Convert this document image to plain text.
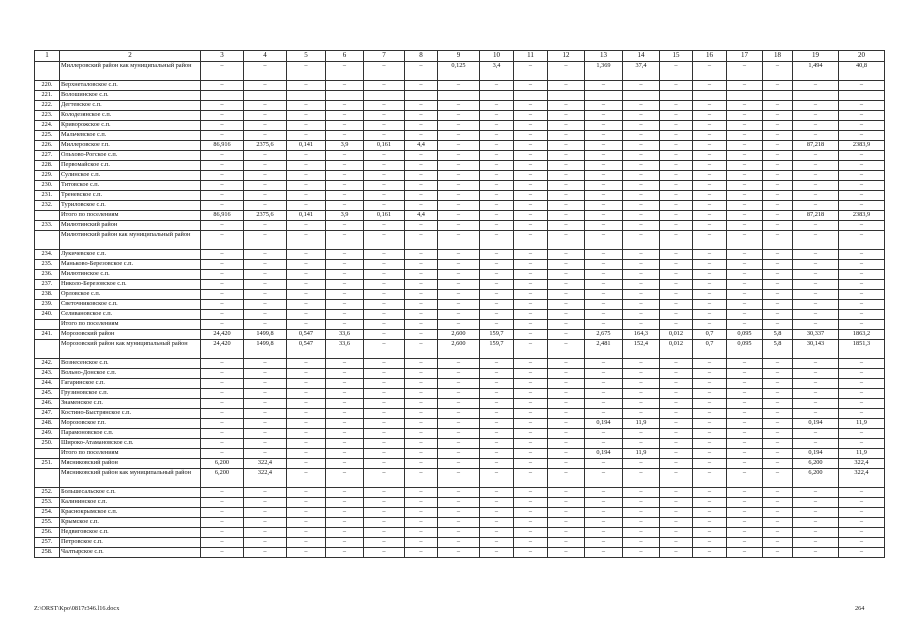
1	2	3	4	5	6	7	8	9	10	11	12	13	14	15	16	17	18	19	20
	Миллеровский район как муниципальный район	–	–	–	–	–	–	0,125	3,4	–	–	1,369	37,4	–	–	–	–	1,494	40,8
220.	Верхнеталовское с.п.	–	–	–	–	–	–	–	–	–	–	–	–	–	–	–	–	–	–
221.	Волошинское с.п.																		
222.	Дегтевское с.п.	–	–	–	–	–	–	–	–	–	–	–	–	–	–	–	–	–	–
223.	Колодезянское с.п.	–	–	–	–	–	–	–	–	–	–	–	–	–	–	–	–	–	–
224.	Криворожское с.п.	–	–	–	–	–	–	–	–	–	–	–	–	–	–	–	–	–	–
225.	Мальчевское с.п.	–	–	–	–	–	–	–	–	–	–	–	–	–	–	–	–	–	–
226.	Миллеровское г.п.	86,916	2375,6	0,141	3,9	0,161	4,4	–	–	–	–	–	–	–	–	–	–	87,218	2383,9
227.	Ольхово-Рогское с.п.	–	–	–	–	–	–	–	–	–	–	–	–	–	–	–	–	–	–
228.	Первомайское с.п.	–	–	–	–	–	–	–	–	–	–	–	–	–	–	–	–	–	–
229.	Сулинское с.п.	–	–	–	–	–	–	–	–	–	–	–	–	–	–	–	–	–	–
230.	Титовское с.п.	–	–	–	–	–	–	–	–	–	–	–	–	–	–	–	–	–	–
231.	Треневское с.п.	–	–	–	–	–	–	–	–	–	–	–	–	–	–	–	–	–	–
232.	Туриловское с.п.	–	–	–	–	–	–	–	–	–	–	–	–	–	–	–	–	–	–
	Итого по поселениям	86,916	2375,6	0,141	3,9	0,161	4,4	–	–	–	–	–	–	–	–	–	–	87,218	2383,9
233.	Милютинский район	–	–	–	–	–	–	–	–	–	–	–	–	–	–	–	–	–	–
	Милютинский район как муниципальный район	–	–	–	–	–	–	–	–	–	–	–	–	–	–	–	–	–	–
234.	Лукичевское с.п.	–	–	–	–	–	–	–	–	–	–	–	–	–	–	–	–	–	–
235.	Маньково-Березовское с.п.	–	–	–	–	–	–	–	–	–	–	–	–	–	–	–	–	–	–
236.	Милютинское с.п.	–	–	–	–	–	–	–	–	–	–	–	–	–	–	–	–	–	–
237.	Николо-Березовское с.п.	–	–	–	–	–	–	–	–	–	–	–	–	–	–	–	–	–	–
238.	Орловское с.п.	–	–	–	–	–	–	–	–	–	–	–	–	–	–	–	–	–	–
239.	Светочниковское с.п.	–	–	–	–	–	–	–	–	–	–	–	–	–	–	–	–	–	–
240.	Селивановское с.п.	–	–	–	–	–	–	–	–	–	–	–	–	–	–	–	–	–	–
	Итого по поселениям	–	–	–	–	–	–	–	–	–	–	–	–	–	–	–	–	–	–
241.	Морозовский район	24,420	1499,8	0,547	33,6	–	–	2,600	159,7	–	–	2,675	164,3	0,012	0,7	0,095	5,8	30,337	1863,2
	Морозовский район как муниципальный район	24,420	1499,8	0,547	33,6	–	–	2,600	159,7	–	–	2,481	152,4	0,012	0,7	0,095	5,8	30,143	1851,3
242.	Вознесенское с.п.	–	–	–	–	–	–	–	–	–	–	–	–	–	–	–	–	–	–
243.	Вольно-Донское с.п.	–	–	–	–	–	–	–	–	–	–	–	–	–	–	–	–	–	–
244.	Гагаринское с.п.	–	–	–	–	–	–	–	–	–	–	–	–	–	–	–	–	–	–
245.	Грузиновское с.п.	–	–	–	–	–	–	–	–	–	–	–	–	–	–	–	–	–	–
246.	Знаменское с.п.	–	–	–	–	–	–	–	–	–	–	–	–	–	–	–	–	–	–
247.	Костино-Быстрянское с.п.	–	–	–	–	–	–	–	–	–	–	–	–	–	–	–	–	–	–
248.	Морозовское г.п.	–	–	–	–	–	–	–	–	–	–	0,194	11,9	–	–	–	–	0,194	11,9
249.	Парамоновское с.п.	–	–	–	–	–	–	–	–	–	–	–	–	–	–	–	–	–	–
250.	Широко-Атамановское с.п.	–	–	–	–	–	–	–	–	–	–	–	–	–	–	–	–	–	–
	Итого по поселениям	–	–	–	–	–	–	–	–	–	–	0,194	11,9	–	–	–	–	0,194	11,9
251.	Мясниковский район	6,200	322,4	–	–	–	–	–	–	–	–	–	–	–	–	–	–	6,200	322,4
	Мясниковский район как муниципальный район	6,200	322,4	–	–	–	–	–	–	–	–	–	–	–	–	–	–	6,200	322,4
252.	Большесальское с.п.	–	–	–	–	–	–	–	–	–	–	–	–	–	–	–	–	–	–
253.	Калининское с.п.	–	–	–	–	–	–	–	–	–	–	–	–	–	–	–	–	–	–
254.	Краснокрымское с.п.	–	–	–	–	–	–	–	–	–	–	–	–	–	–	–	–	–	–
255.	Крымское с.п.	–	–	–	–	–	–	–	–	–	–	–	–	–	–	–	–	–	–
256.	Недвиговское с.п.	–	–	–	–	–	–	–	–	–	–	–	–	–	–	–	–	–	–
257.	Петровское с.п.	–	–	–	–	–	–	–	–	–	–	–	–	–	–	–	–	–	–
258.	Чалтырское с.п.	–	–	–	–	–	–	–	–	–	–	–	–	–	–	–	–	–	–
Z:\ORST\Kpo\0817r346.l16.docx	264
